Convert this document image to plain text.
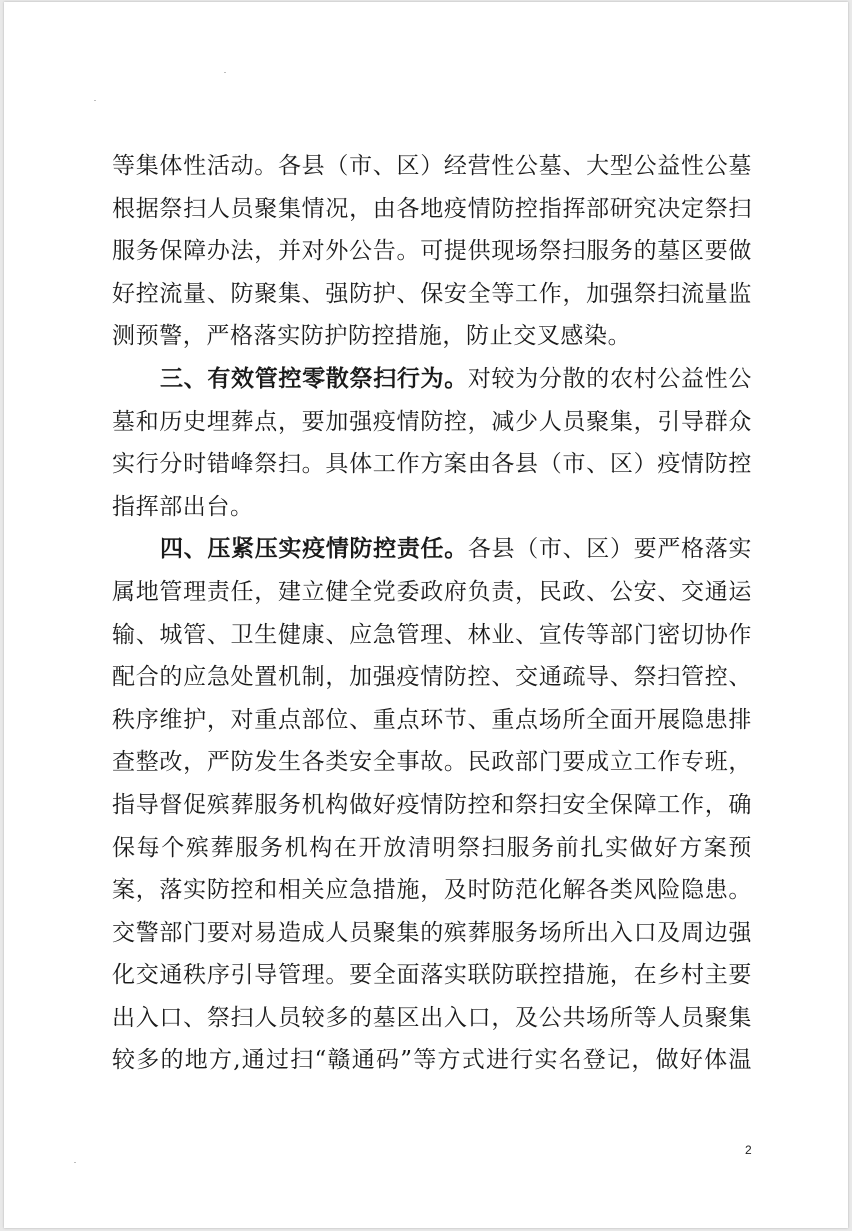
等集体性活动。各县（市、区）经营性公墓、大型公益性公墓
根据祭扫人员聚集情况，由各地疫情防控指挥部研究决定祭扫
服务保障办法，并对外公告。可提供现场祭扫服务的墓区要做
好控流量、防聚集、强防护、保安全等工作，加强祭扫流量监
测预警，严格落实防护防控措施，防止交叉感染。
三、有效管控零散祭扫行为。对较为分散的农村公益性公
墓和历史埋葬点，要加强疫情防控，减少人员聚集，引导群众
实行分时错峰祭扫。具体工作方案由各县（市、区）疫情防控
指挥部出台。
四、压紧压实疫情防控责任。各县（市、区）要严格落实
属地管理责任，建立健全党委政府负责，民政、公安、交通运
输、城管、卫生健康、应急管理、林业、宣传等部门密切协作
配合的应急处置机制，加强疫情防控、交通疏导、祭扫管控、
秩序维护，对重点部位、重点环节、重点场所全面开展隐患排
查整改，严防发生各类安全事故。民政部门要成立工作专班，
指导督促殡葬服务机构做好疫情防控和祭扫安全保障工作，确
保每个殡葬服务机构在开放清明祭扫服务前扎实做好方案预
案，落实防控和相关应急措施，及时防范化解各类风险隐患。
交警部门要对易造成人员聚集的殡葬服务场所出入口及周边强
化交通秩序引导管理。要全面落实联防联控措施，在乡村主要
出入口、祭扫人员较多的墓区出入口，及公共场所等人员聚集
较多的地方,通过扫“赣通码”等方式进行实名登记，做好体温
2
